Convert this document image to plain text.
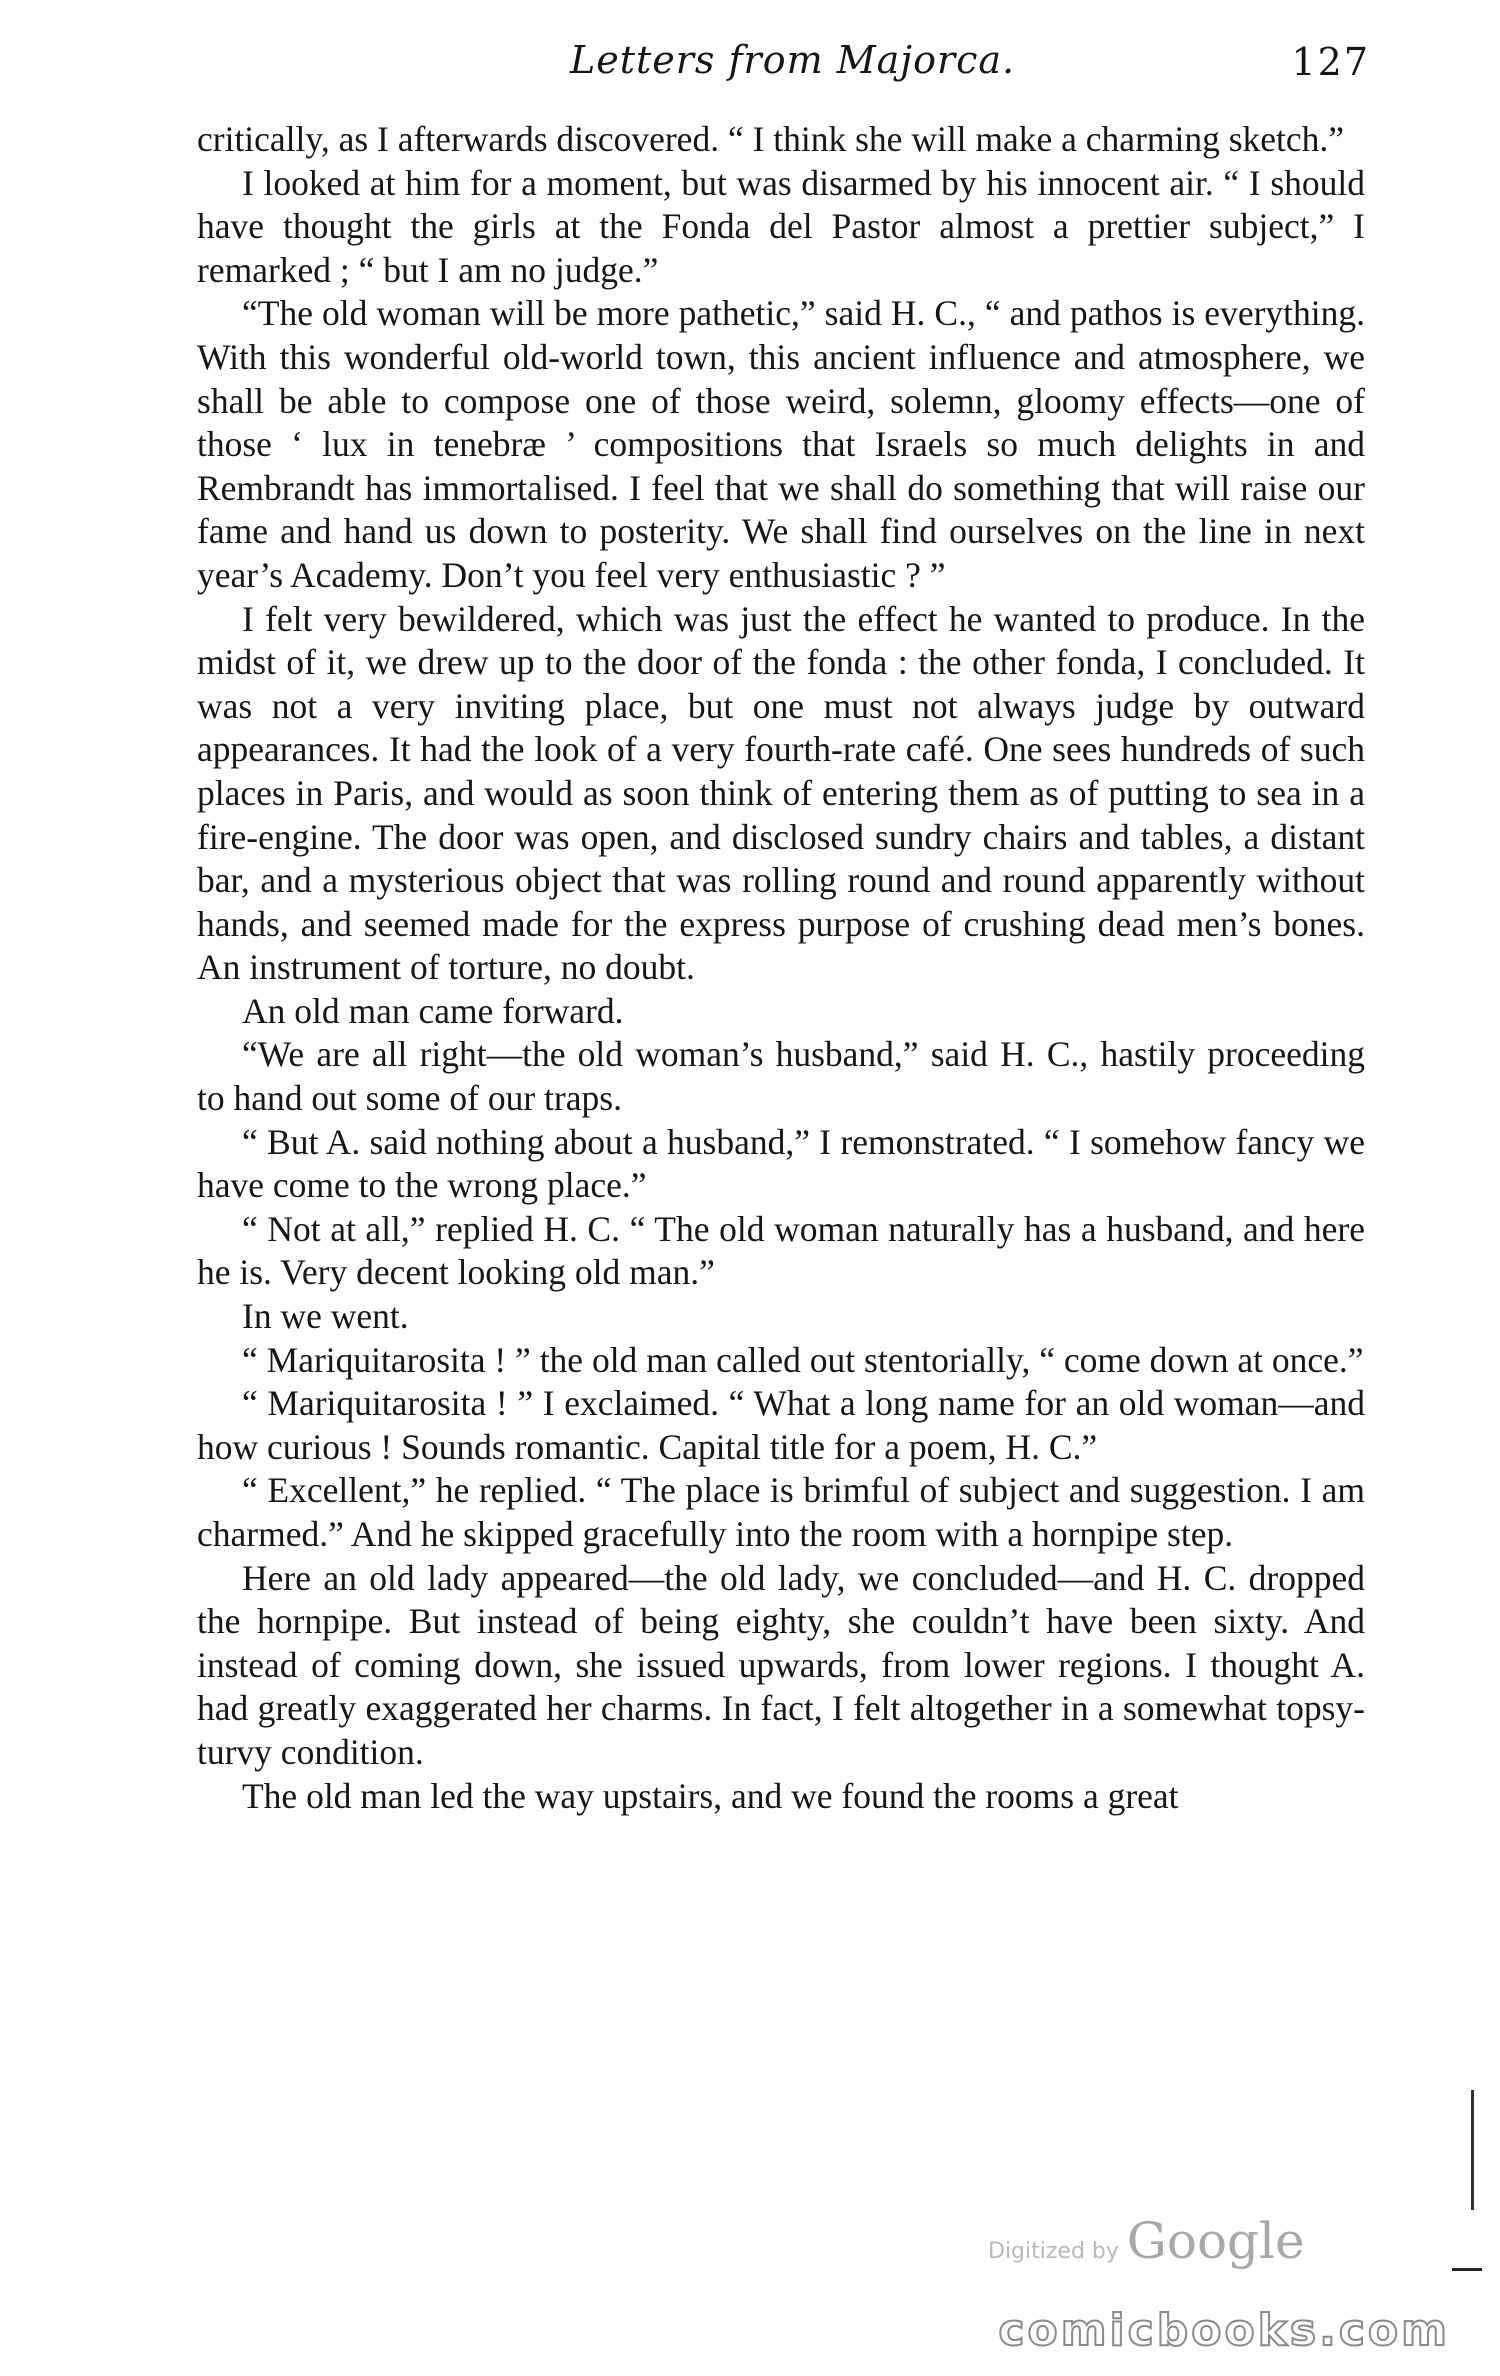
Letters from Majorca.	127

critically, as I afterwards discovered. “ I think she will make a charming sketch.”

I looked at him for a moment, but was disarmed by his innocent air. “ I should have thought the girls at the Fonda del Pastor almost a prettier subject,” I remarked ; “ but I am no judge.”

“The old woman will be more pathetic,” said H. C., “ and pathos is everything. With this wonderful old-world town, this ancient influence and atmosphere, we shall be able to compose one of those weird, solemn, gloomy effects—one of those ‘ lux in tenebræ ’ compositions that Israels so much delights in and Rembrandt has immortalised. I feel that we shall do something that will raise our fame and hand us down to posterity. We shall find ourselves on the line in next year’s Academy. Don’t you feel very enthusiastic ? ”

I felt very bewildered, which was just the effect he wanted to produce. In the midst of it, we drew up to the door of the fonda : the other fonda, I concluded. It was not a very inviting place, but one must not always judge by outward appearances. It had the look of a very fourth-rate café. One sees hundreds of such places in Paris, and would as soon think of entering them as of putting to sea in a fire-engine. The door was open, and disclosed sundry chairs and tables, a distant bar, and a mysterious object that was rolling round and round apparently without hands, and seemed made for the express purpose of crushing dead men’s bones. An instrument of torture, no doubt.

An old man came forward.

“We are all right—the old woman’s husband,” said H. C., hastily proceeding to hand out some of our traps.

“ But A. said nothing about a husband,” I remonstrated. “ I somehow fancy we have come to the wrong place.”

“ Not at all,” replied H. C. “ The old woman naturally has a husband, and here he is. Very decent looking old man.”

In we went.

“ Mariquitarosita ! ” the old man called out stentorially, “ come down at once.”

“ Mariquitarosita ! ” I exclaimed. “ What a long name for an old woman—and how curious ! Sounds romantic. Capital title for a poem, H. C.”

“ Excellent,” he replied. “ The place is brimful of subject and suggestion. I am charmed.” And he skipped gracefully into the room with a hornpipe step.

Here an old lady appeared—the old lady, we concluded—and H. C. dropped the hornpipe. But instead of being eighty, she couldn’t have been sixty. And instead of coming down, she issued upwards, from lower regions. I thought A. had greatly exaggerated her charms. In fact, I felt altogether in a somewhat topsy-turvy condition.

The old man led the way upstairs, and we found the rooms a great

Digitized by Google
comicbooks.com
